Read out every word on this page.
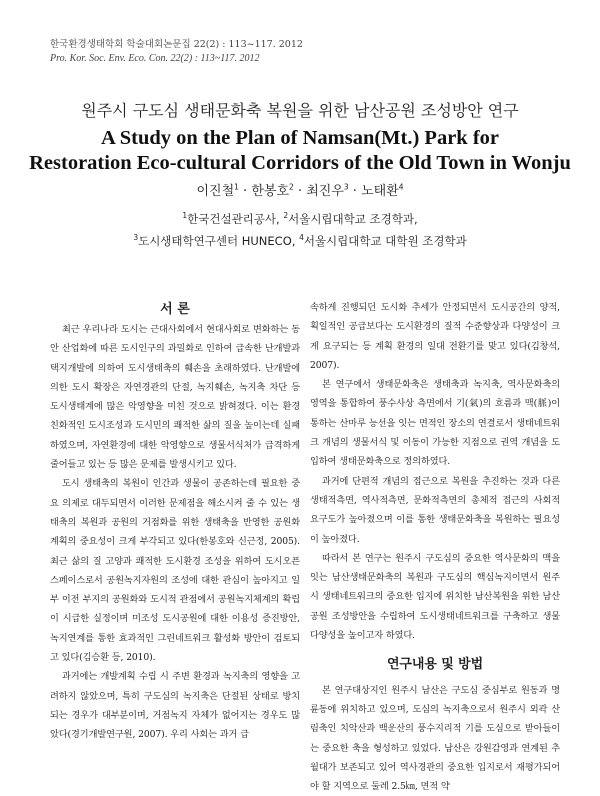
한국환경생태학회 학술대회논문집 22(2) : 113~117. 2012
Pro. Kor. Soc. Env. Eco. Con. 22(2) : 113~117. 2012
원주시 구도심 생태문화축 복원을 위한 남산공원 조성방안 연구
A Study on the Plan of Namsan(Mt.) Park for
Restoration Eco-cultural Corridors of the Old Town in Wonju
이진철$^1$ · 한봉호$^2$ · 최진우$^3$ · 노태환$^4$
$^1$한국건설관리공사, $^2$서울시립대학교 조경학과,
$^3$도시생태학연구센터 HUNECO, $^4$서울시립대학교 대학원 조경학과
서 론

최근 우리나라 도시는 근대사회에서 현대사회로 변화하는 동안 산업화에 따른 도시인구의 과밀화로 인하여 급속한 난개발과 택지개발에 의하여 도시생태축의 훼손을 초래하였다. 난개발에 의한 도시 확장은 자연경관의 단절, 녹지훼손, 녹지축 차단 등 도시생태계에 많은 악영향을 미친 것으로 밝혀졌다. 이는 환경친화적인 도시조성과 도시민의 쾌적한 삶의 질을 높이는데 실패하였으며, 자연환경에 대한 악영향으로 생물서식처가 급격하게 줄어들고 있는 등 많은 문제를 발생시키고 있다.

도시 생태축의 복원이 인간과 생물이 공존하는데 필요한 중요 의제로 대두되면서 이러한 문제점을 해소시켜 줄 수 있는 생태축의 복원과 공원의 거점화를 위한 생태축을 반영한 공원화 계획의 중요성이 크게 부각되고 있다(한봉호와 신근정, 2005). 최근 삶의 질 고양과 쾌적한 도시환경 조성을 위하여 도시오픈스페이스로서 공원녹지자원의 조성에 대한 관심이 높아지고 일부 이전 부지의 공원화와 도시적 관점에서 공원녹지체계의 확립이 시급한 실정이며 미조성 도시공원에 대한 이용성 증진방안, 녹지연계를 통한 효과적인 그린네트워크 활성화 방안이 검토되고 있다(김승환 등, 2010).

과거에는 개발계획 수립 시 주변 환경과 녹지축의 영향을 고려하지 않았으며, 특히 구도심의 녹지축은 단절된 상태로 방치되는 경우가 대부분이며, 거점녹지 자체가 없어지는 경우도 많았다(경기개발연구원, 2007). 우리 사회는 과거 급

속하게 진행되던 도시화 추세가 안정되면서 도시공간의 양적, 획일적인 공급보다는 도시환경의 질적 수준향상과 다양성이 크게 요구되는 등 계획 환경의 일대 전환기를 맞고 있다(김창석, 2007).

본 연구에서 생태문화축은 생태축과 녹지축, 역사문화축의 영역을 통합하여 풍수사상 측면에서 기(氣)의 흐름과 맥(脈)이 통하는 산마루 능선을 잇는 면적인 장소의 연결로서 생태네트워크 개념의 생물서식 및 이동이 가능한 지점으로 권역 개념을 도입하여 생태문화축으로 정의하였다.

과거에 단편적 개념의 접근으로 복원을 추진하는 것과 다른 생태적측면, 역사적측면, 문화적측면의 총체적 접근의 사회적 요구도가 높아졌으며 이를 통한 생태문화축을 복원하는 필요성이 높아졌다.

따라서 본 연구는 원주시 구도심의 중요한 역사문화의 맥을 잇는 남산생태문화축의 복원과 구도심의 핵심녹지이면서 원주시 생태네트워크의 중요한 입지에 위치한 남산복원을 위한 남산공원 조성방안을 수립하여 도시생태네트워크를 구축하고 생물다양성을 높이고자 하였다.

연구내용 및 방법

본 연구대상지인 원주시 남산은 구도심 중심부로 원동과 명륜동에 위치하고 있으며, 도심의 녹지축으로서 원주시 외곽 산림축인 치악산과 백운산의 풍수지리적 기를 도심으로 받아들이는 중요한 축을 형성하고 있었다. 남산은 강원감영과 연계된 추월대가 보존되고 있어 역사경관의 중요한 입지로서 재평가되어야 할 지역으로 둘레 2.5㎞, 면적 약
